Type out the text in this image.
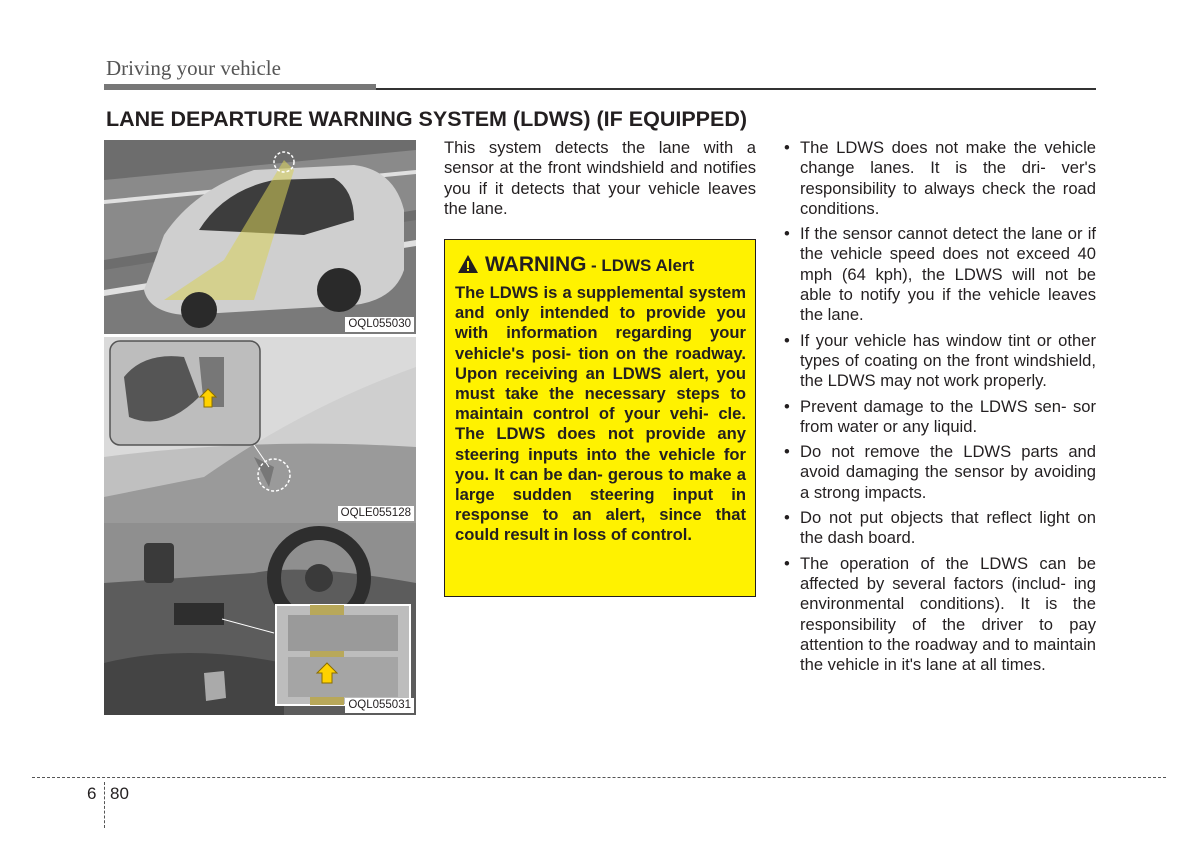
Driving your vehicle
LANE DEPARTURE WARNING SYSTEM (LDWS) (IF EQUIPPED)
OQL055030
OQLE055128
OQL055031

This system detects the lane with a sensor at the front windshield and notifies you if it detects that your vehicle leaves the lane.

WARNING - LDWS Alert

The LDWS is a supplemental system and only intended to provide you with information regarding your vehicle's posi- tion on the roadway. Upon receiving an LDWS alert, you must take the necessary steps to maintain control of your vehi- cle. The LDWS does not provide any steering inputs into the vehicle for you. It can be dan- gerous to make a large sudden steering input in response to an alert, since that could result in loss of control.

• The LDWS does not make the vehicle change lanes. It is the dri- ver's responsibility to always check the road conditions.
• If the sensor cannot detect the lane or if the vehicle speed does not exceed 40 mph (64 kph), the LDWS will not be able to notify you if the vehicle leaves the lane.
• If your vehicle has window tint or other types of coating on the front windshield, the LDWS may not work properly.
• Prevent damage to the LDWS sen- sor from water or any liquid.
• Do not remove the LDWS parts and avoid damaging the sensor by avoiding a strong impacts.
• Do not put objects that reflect light on the dash board.
• The operation of the LDWS can be affected by several factors (includ- ing environmental conditions). It is the responsibility of the driver to pay attention to the roadway and to maintain the vehicle in it's lane at all times.
6 80
